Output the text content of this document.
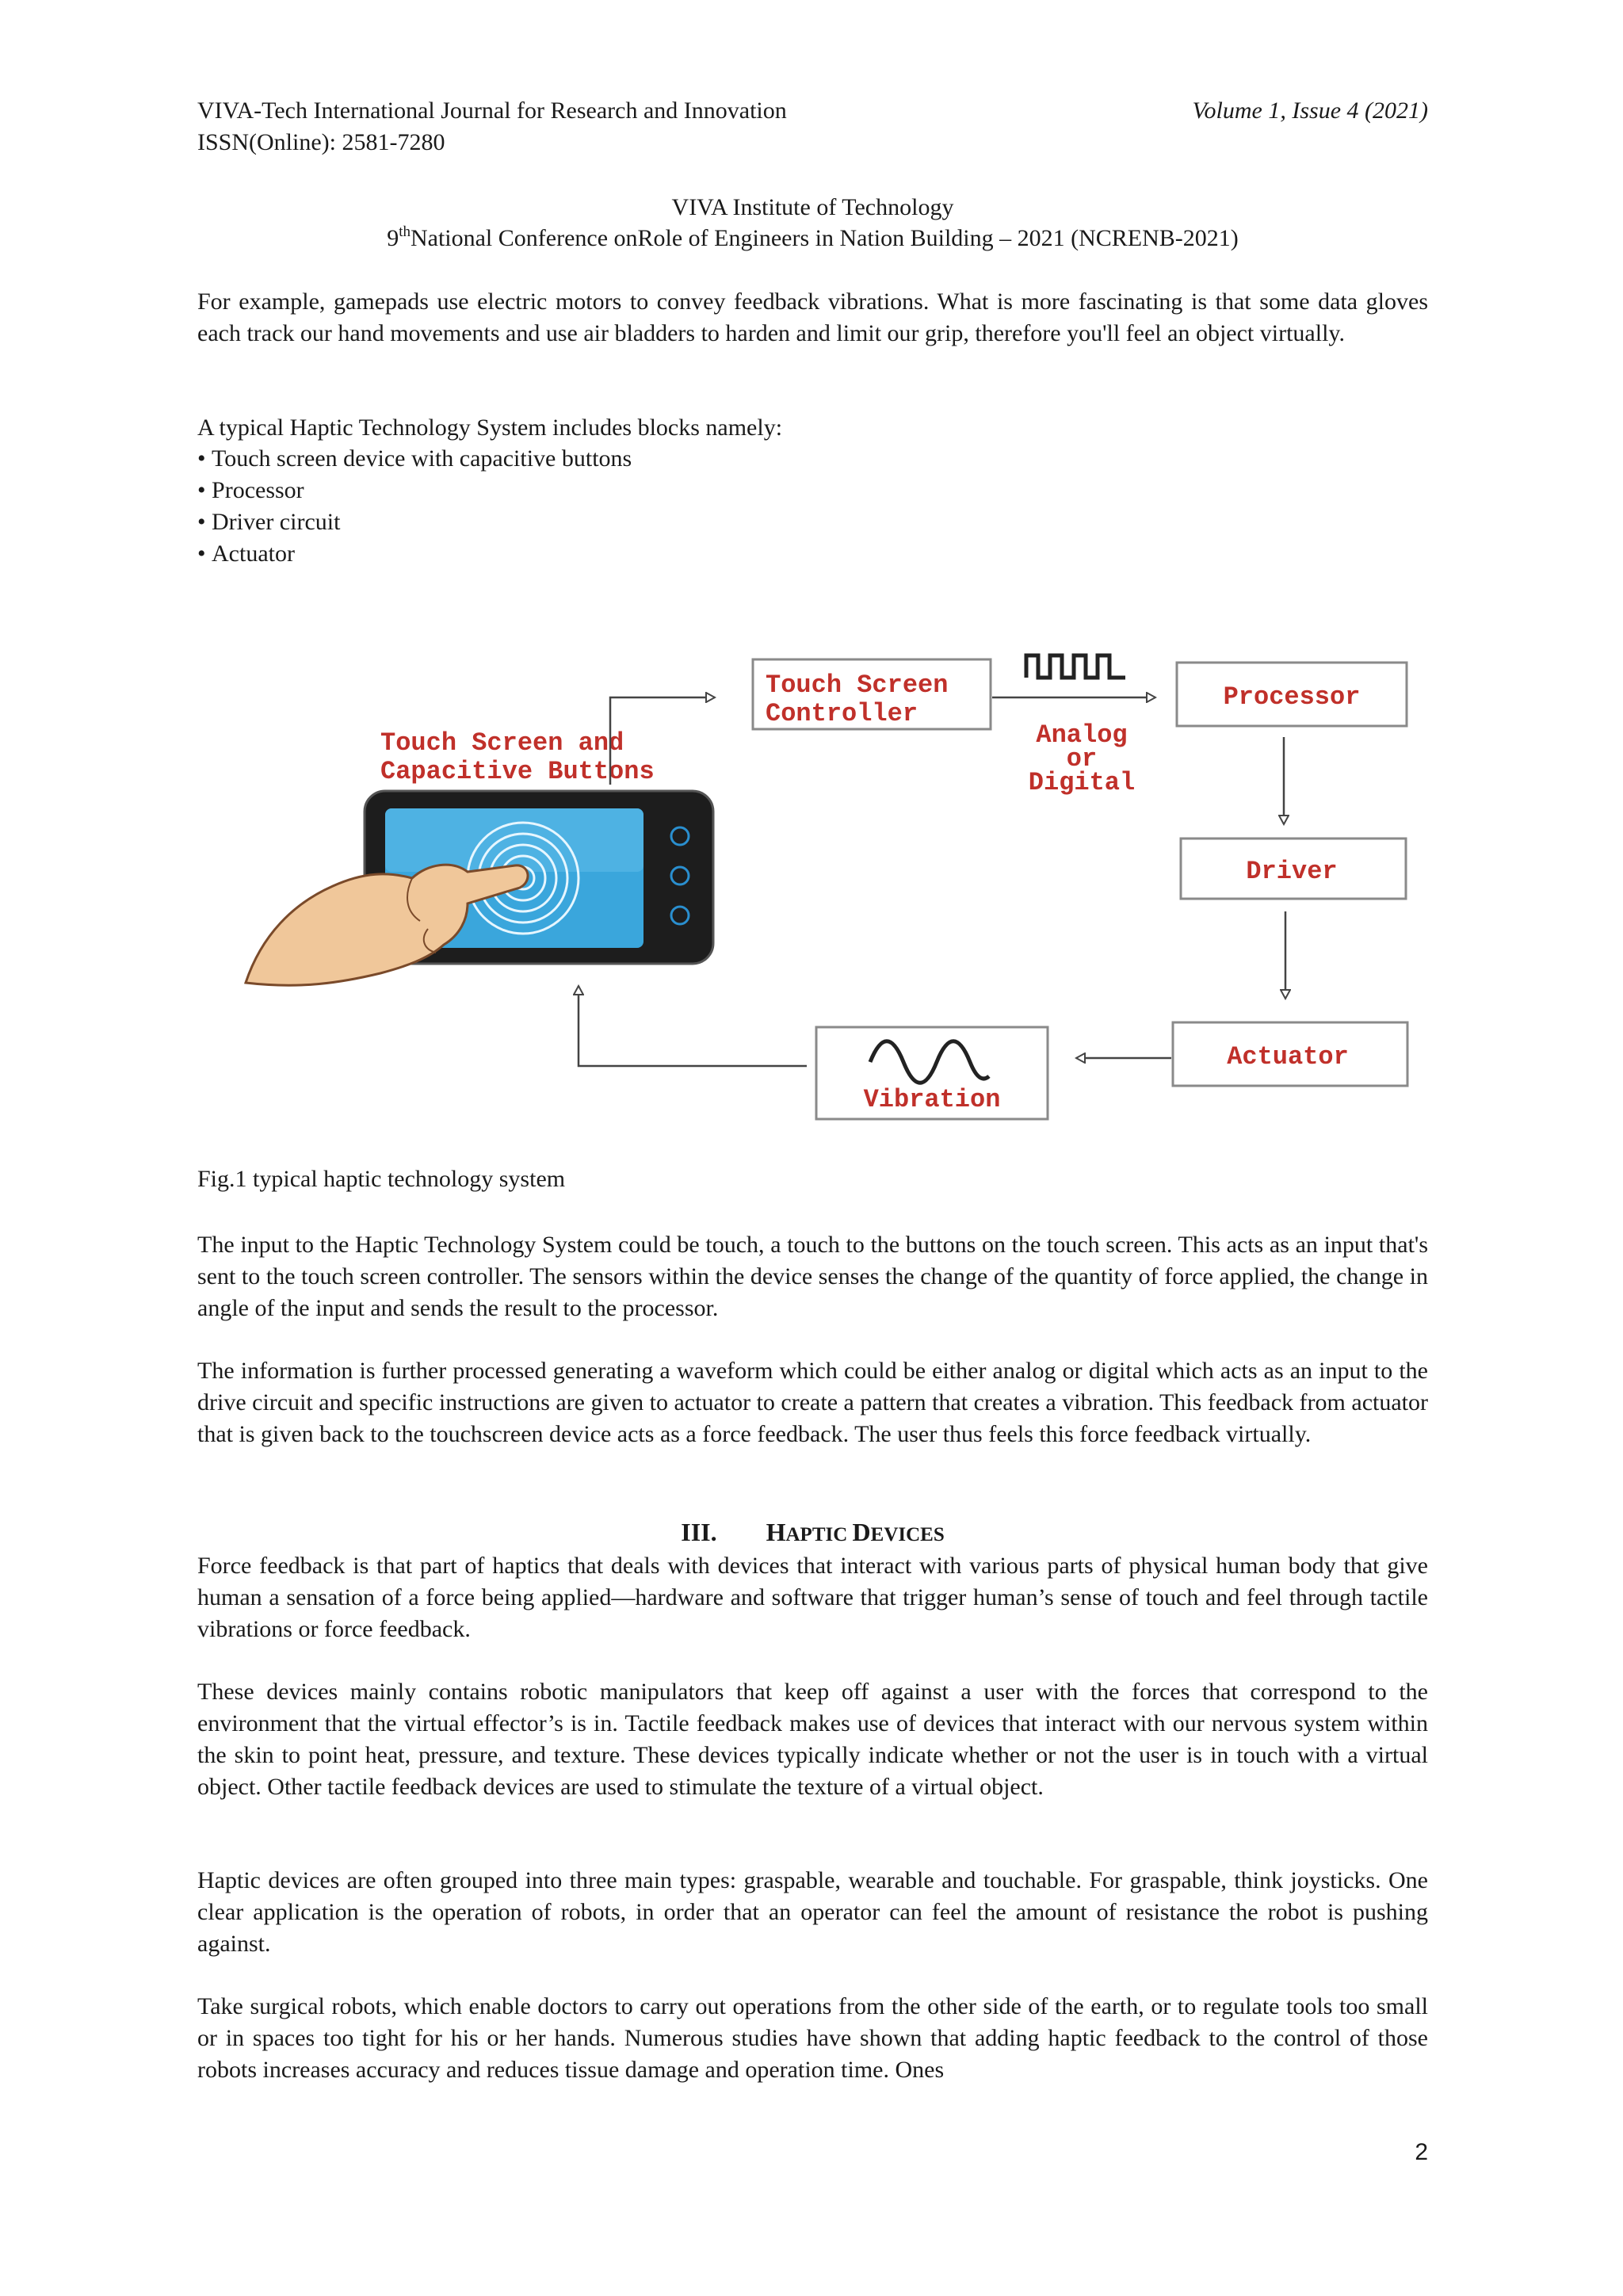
VIVA-Tech International Journal for Research and Innovation
ISSN(Online): 2581-7280
Volume 1, Issue 4 (2021)
VIVA Institute of Technology
9thNational Conference onRole of Engineers in Nation Building – 2021 (NCRENB-2021)

For example, gamepads use electric motors to convey feedback vibrations. What is more fascinating is that some data gloves each track our hand movements and use air bladders to harden and limit our grip, therefore you'll feel an object virtually.

A typical Haptic Technology System includes blocks namely:
• Touch screen device with capacitive buttons
• Processor
• Driver circuit
• Actuator
Touch Screen and
Capacitive Buttons
Touch Screen
Controller
Analog
or
Digital
Processor
Driver
Actuator
Vibration
Fig.1 typical haptic technology system

The input to the Haptic Technology System could be touch, a touch to the buttons on the touch screen. This acts as an input that's sent to the touch screen controller. The sensors within the device senses the change of the quantity of force applied, the change in angle of the input and sends the result to the processor.

The information is further processed generating a waveform which could be either analog or digital which acts as an input to the drive circuit and specific instructions are given to actuator to create a pattern that creates a vibration. This feedback from actuator that is given back to the touchscreen device acts as a force feedback. The user thus feels this force feedback virtually.

III. HAPTIC DEVICES

Force feedback is that part of haptics that deals with devices that interact with various parts of physical human body that give human a sensation of a force being applied—hardware and software that trigger human’s sense of touch and feel through tactile vibrations or force feedback.

These devices mainly contains robotic manipulators that keep off against a user with the forces that correspond to the environment that the virtual effector’s is in. Tactile feedback makes use of devices that interact with our nervous system within the skin to point heat, pressure, and texture. These devices typically indicate whether or not the user is in touch with a virtual object. Other tactile feedback devices are used to stimulate the texture of a virtual object.

Haptic devices are often grouped into three main types: graspable, wearable and touchable. For graspable, think joysticks. One clear application is the operation of robots, in order that an operator can feel the amount of resistance the robot is pushing against.

Take surgical robots, which enable doctors to carry out operations from the other side of the earth, or to regulate tools too small or in spaces too tight for his or her hands. Numerous studies have shown that adding haptic feedback to the control of those robots increases accuracy and reduces tissue damage and operation time. Ones

2
